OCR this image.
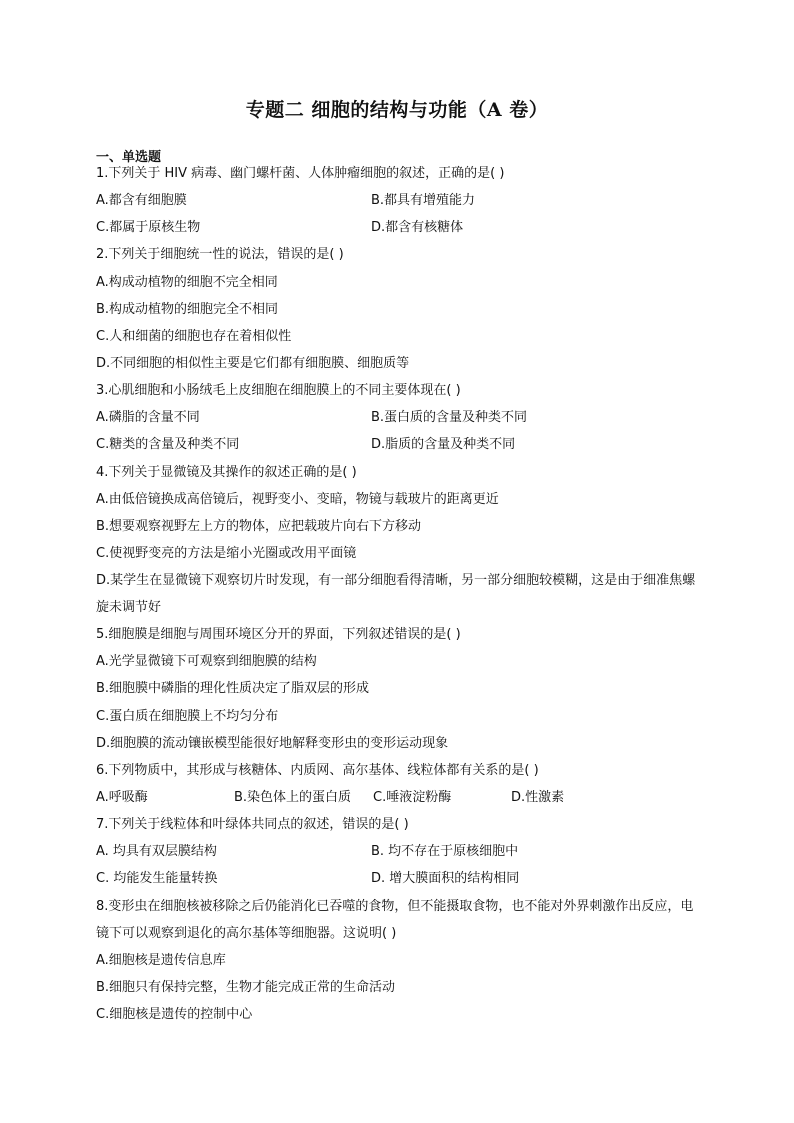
专题二 细胞的结构与功能（A 卷）
一、单选题
1.下列关于 HIV 病毒、幽门螺杆菌、人体肿瘤细胞的叙述，正确的是( )
A.都含有细胞膜	B.都具有增殖能力
C.都属于原核生物	D.都含有核糖体
2.下列关于细胞统一性的说法，错误的是( )
A.构成动植物的细胞不完全相同
B.构成动植物的细胞完全不相同
C.人和细菌的细胞也存在着相似性
D.不同细胞的相似性主要是它们都有细胞膜、细胞质等
3.心肌细胞和小肠绒毛上皮细胞在细胞膜上的不同主要体现在( )
A.磷脂的含量不同	B.蛋白质的含量及种类不同
C.糖类的含量及种类不同	D.脂质的含量及种类不同
4.下列关于显微镜及其操作的叙述正确的是( )
A.由低倍镜换成高倍镜后，视野变小、变暗，物镜与载玻片的距离更近
B.想要观察视野左上方的物体，应把载玻片向右下方移动
C.使视野变亮的方法是缩小光圈或改用平面镜
D.某学生在显微镜下观察切片时发现，有一部分细胞看得清晰，另一部分细胞较模糊，这是由于细准焦螺旋未调节好
5.细胞膜是细胞与周围环境区分开的界面，下列叙述错误的是( )
A.光学显微镜下可观察到细胞膜的结构
B.细胞膜中磷脂的理化性质决定了脂双层的形成
C.蛋白质在细胞膜上不均匀分布
D.细胞膜的流动镶嵌模型能很好地解释变形虫的变形运动现象
6.下列物质中，其形成与核糖体、内质网、高尔基体、线粒体都有关系的是( )
A.呼吸酶	B.染色体上的蛋白质	C.唾液淀粉酶	D.性激素
7.下列关于线粒体和叶绿体共同点的叙述，错误的是( )
A. 均具有双层膜结构	B. 均不存在于原核细胞中
C. 均能发生能量转换	D. 增大膜面积的结构相同
8.变形虫在细胞核被移除之后仍能消化已吞噬的食物，但不能摄取食物，也不能对外界刺激作出反应，电镜下可以观察到退化的高尔基体等细胞器。这说明( )
A.细胞核是遗传信息库
B.细胞只有保持完整，生物才能完成正常的生命活动
C.细胞核是遗传的控制中心
